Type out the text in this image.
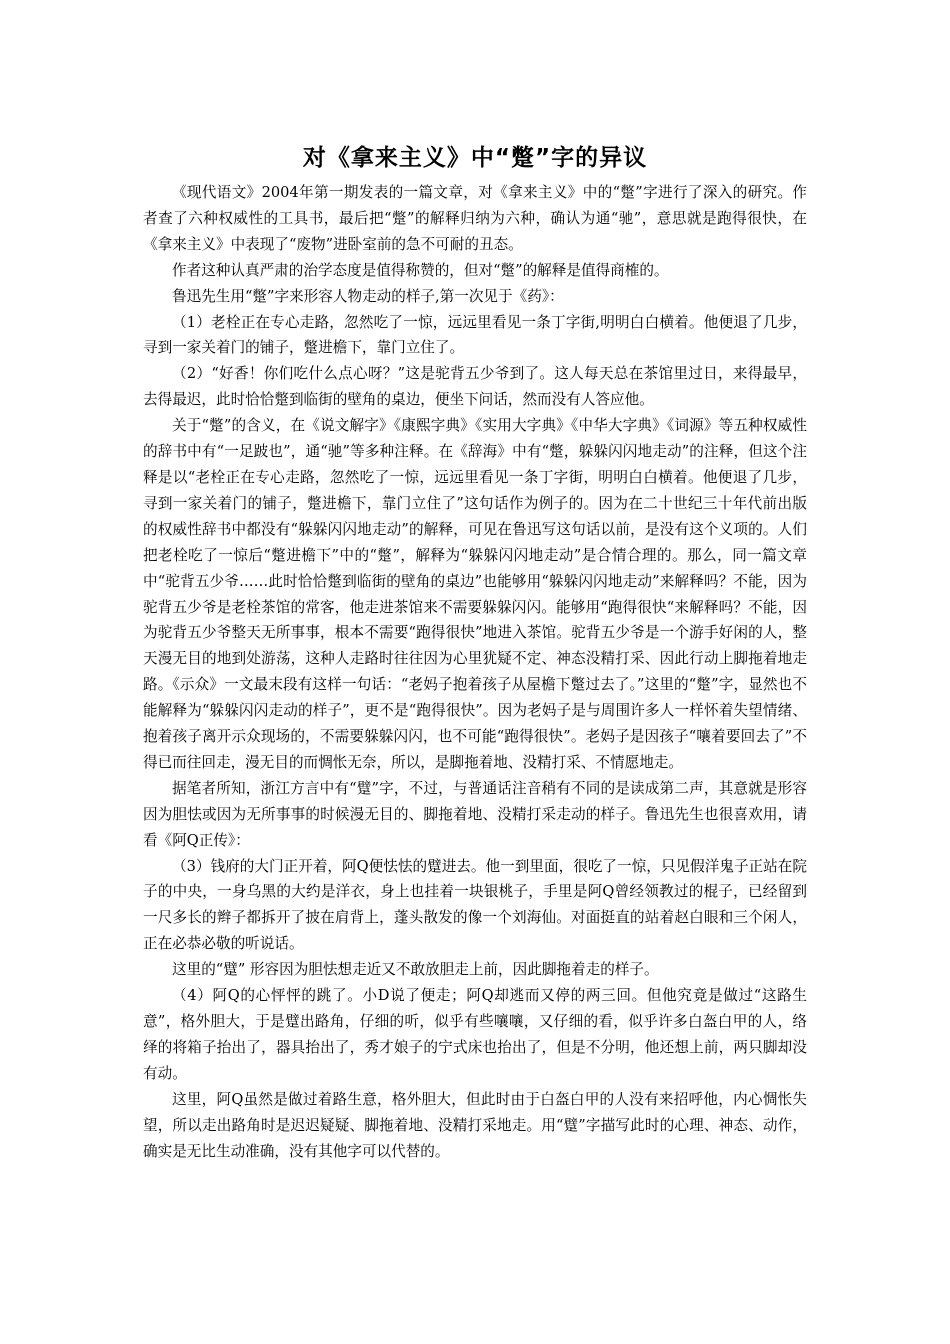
对《拿来主义》中“蹩”字的异议

《现代语文》2004年第一期发表的一篇文章，对《拿来主义》中的“蹩”字进行了深入的研究。作者查了六种权威性的工具书，最后把“蹩”的解释归纳为六种，确认为通“驰”，意思就是跑得很快，在《拿来主义》中表现了“废物”进卧室前的急不可耐的丑态。

作者这种认真严肃的治学态度是值得称赞的，但对“蹩”的解释是值得商榷的。

鲁迅先生用“蹩”字来形容人物走动的样子,第一次见于《药》：

（1）老栓正在专心走路，忽然吃了一惊，远远里看见一条丁字街,明明白白横着。他便退了几步，寻到一家关着门的铺子，蹩进檐下，靠门立住了。

（2）“好香！你们吃什么点心呀？”这是驼背五少爷到了。这人每天总在茶馆里过日，来得最早，去得最迟，此时恰恰蹩到临街的壁角的桌边，便坐下问话，然而没有人答应他。

关于“蹩”的含义，在《说文解字》《康熙字典》《实用大字典》《中华大字典》《词源》等五种权威性的辞书中有“一足跛也”，通“驰”等多种注释。在《辞海》中有“蹩，躲躲闪闪地走动”的注释，但这个注释是以“老栓正在专心走路，忽然吃了一惊，远远里看见一条丁字街，明明白白横着。他便退了几步，寻到一家关着门的铺子，蹩进檐下，靠门立住了”这句话作为例子的。因为在二十世纪三十年代前出版的权威性辞书中都没有“躲躲闪闪地走动”的解释，可见在鲁迅写这句话以前，是没有这个义项的。人们把老栓吃了一惊后“蹩进檐下”中的“蹩”，解释为“躲躲闪闪地走动”是合情合理的。那么，同一篇文章中“驼背五少爷……此时恰恰蹩到临街的壁角的桌边”也能够用“躲躲闪闪地走动”来解释吗？不能，因为驼背五少爷是老栓茶馆的常客，他走进茶馆来不需要躲躲闪闪。能够用“跑得很快“来解释吗？不能，因为驼背五少爷整天无所事事，根本不需要“跑得很快”地进入茶馆。驼背五少爷是一个游手好闲的人，整天漫无目的地到处游荡，这种人走路时往往因为心里犹疑不定、神态没精打采、因此行动上脚拖着地走路。《示众》一文最末段有这样一句话：“老妈子抱着孩子从屋檐下蹩过去了。”这里的“蹩”字，显然也不能解释为“躲躲闪闪走动的样子”，更不是“跑得很快”。因为老妈子是与周围许多人一样怀着失望情绪、抱着孩子离开示众现场的，不需要躲躲闪闪，也不可能“跑得很快”。老妈子是因孩子“嚷着要回去了”不得已而往回走，漫无目的而惆怅无奈，所以，是脚拖着地、没精打采、不情愿地走。

据笔者所知，浙江方言中有“躄”字，不过，与普通话注音稍有不同的是读成第二声，其意就是形容因为胆怯或因为无所事事的时候漫无目的、脚拖着地、没精打采走动的样子。鲁迅先生也很喜欢用，请看《阿Q正传》：

（3）钱府的大门正开着，阿Q便怯怯的躄进去。他一到里面，很吃了一惊，只见假洋鬼子正站在院子的中央，一身乌黑的大约是洋衣，身上也挂着一块银桃子，手里是阿Q曾经领教过的棍子，已经留到一尺多长的辫子都拆开了披在肩背上，蓬头散发的像一个刘海仙。对面挺直的站着赵白眼和三个闲人，正在必恭必敬的听说话。

这里的“躄” 形容因为胆怯想走近又不敢放胆走上前，因此脚拖着走的样子。

（4）阿Q的心怦怦的跳了。小D说了便走；阿Q却逃而又停的两三回。但他究竟是做过“这路生意”，格外胆大，于是躄出路角，仔细的听，似乎有些嚷嚷，又仔细的看，似乎许多白盔白甲的人，络绎的将箱子抬出了，器具抬出了，秀才娘子的宁式床也抬出了，但是不分明，他还想上前，两只脚却没有动。

这里，阿Q虽然是做过着路生意，格外胆大，但此时由于白盔白甲的人没有来招呼他，内心惆怅失望，所以走出路角时是迟迟疑疑、脚拖着地、没精打采地走。用“躄”字描写此时的心理、神态、动作，确实是无比生动准确，没有其他字可以代替的。
